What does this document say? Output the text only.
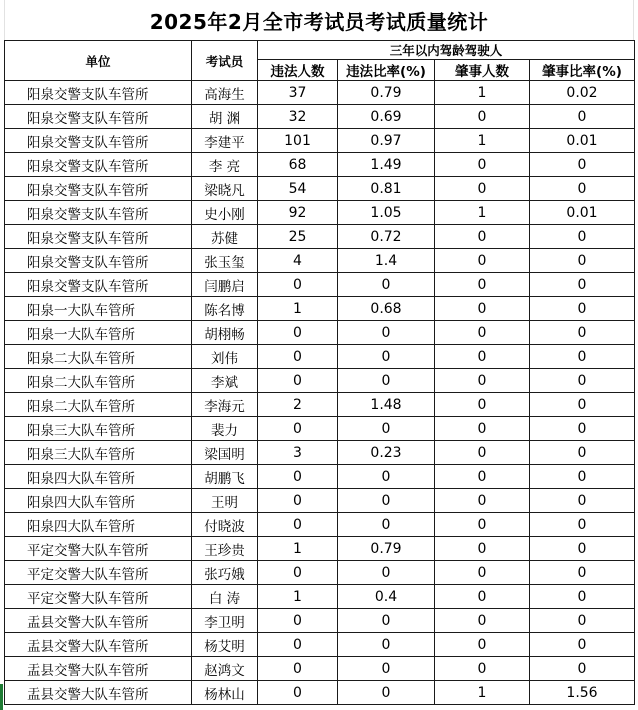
2025年2月全市考试员考试质量统计
单位	考试员	三年以内驾龄驾驶人			
		违法人数	违法比率(%)	肇事人数	肇事比率(%)
阳泉交警支队车管所	高海生	37	0.79	1	0.02
阳泉交警支队车管所	胡 渊	32	0.69	0	0
阳泉交警支队车管所	李建平	101	0.97	1	0.01
阳泉交警支队车管所	李 亮	68	1.49	0	0
阳泉交警支队车管所	梁晓凡	54	0.81	0	0
阳泉交警支队车管所	史小刚	92	1.05	1	0.01
阳泉交警支队车管所	苏健	25	0.72	0	0
阳泉交警支队车管所	张玉玺	4	1.4	0	0
阳泉交警支队车管所	闫鹏启	0	0	0	0
阳泉一大队车管所	陈名博	1	0.68	0	0
阳泉一大队车管所	胡栩畅	0	0	0	0
阳泉二大队车管所	刘伟	0	0	0	0
阳泉二大队车管所	李斌	0	0	0	0
阳泉二大队车管所	李海元	2	1.48	0	0
阳泉三大队车管所	裴力	0	0	0	0
阳泉三大队车管所	梁国明	3	0.23	0	0
阳泉四大队车管所	胡鹏飞	0	0	0	0
阳泉四大队车管所	王明	0	0	0	0
阳泉四大队车管所	付晓波	0	0	0	0
平定交警大队车管所	王珍贵	1	0.79	0	0
平定交警大队车管所	张巧娥	0	0	0	0
平定交警大队车管所	白 涛	1	0.4	0	0
盂县交警大队车管所	李卫明	0	0	0	0
盂县交警大队车管所	杨艾明	0	0	0	0
盂县交警大队车管所	赵鸿文	0	0	0	0
盂县交警大队车管所	杨林山	0	0	1	1.56
